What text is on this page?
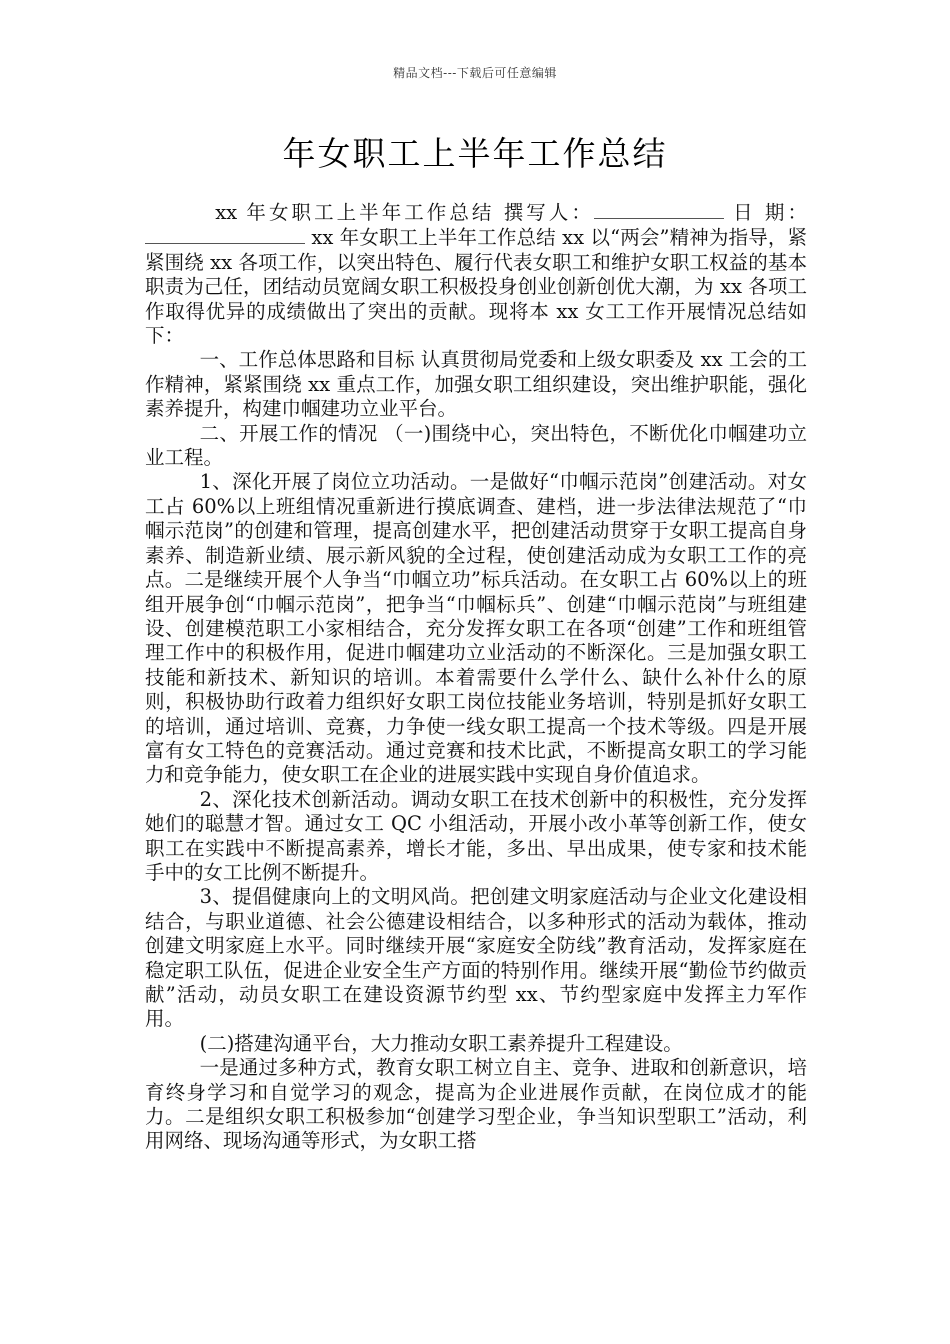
精品文档---下载后可任意编辑
年女职工上半年工作总结

xx 年女职工上半年工作总结 撰写人：	日 期： xx 年女职工上半年工作总结 xx 以“两会”精神为指导，紧紧围绕 xx 各项工作，以突出特色、履行代表女职工和维护女职工权益的基本职责为己任，团结动员宽阔女职工积极投身创业创新创优大潮，为 xx 各项工作取得优异的成绩做出了突出的贡献。现将本 xx 女工工作开展情况总结如下：

一、工作总体思路和目标 认真贯彻局党委和上级女职委及 xx 工会的工作精神，紧紧围绕 xx 重点工作，加强女职工组织建设，突出维护职能，强化素养提升，构建巾帼建功立业平台。

二、开展工作的情况 （一)围绕中心，突出特色，不断优化巾帼建功立业工程。

1、深化开展了岗位立功活动。一是做好“巾帼示范岗”创建活动。对女工占 60%以上班组情况重新进行摸底调查、建档，进一步法律法规范了“巾帼示范岗”的创建和管理，提高创建水平，把创建活动贯穿于女职工提高自身素养、制造新业绩、展示新风貌的全过程，使创建活动成为女职工工作的亮点。二是继续开展个人争当“巾帼立功”标兵活动。在女职工占 60%以上的班组开展争创“巾帼示范岗”，把争当“巾帼标兵”、创建“巾帼示范岗”与班组建设、创建模范职工小家相结合，充分发挥女职工在各项“创建”工作和班组管理工作中的积极作用，促进巾帼建功立业活动的不断深化。三是加强女职工技能和新技术、新知识的培训。本着需要什么学什么、缺什么补什么的原则，积极协助行政着力组织好女职工岗位技能业务培训，特别是抓好女职工的培训，通过培训、竞赛，力争使一线女职工提高一个技术等级。四是开展富有女工特色的竞赛活动。通过竞赛和技术比武，不断提高女职工的学习能力和竞争能力，使女职工在企业的进展实践中实现自身价值追求。

2、深化技术创新活动。调动女职工在技术创新中的积极性，充分发挥她们的聪慧才智。通过女工 QC 小组活动，开展小改小革等创新工作，使女职工在实践中不断提高素养，增长才能，多出、早出成果，使专家和技术能手中的女工比例不断提升。

3、提倡健康向上的文明风尚。把创建文明家庭活动与企业文化建设相结合，与职业道德、社会公德建设相结合，以多种形式的活动为载体，推动创建文明家庭上水平。同时继续开展“家庭安全防线”教育活动，发挥家庭在稳定职工队伍，促进企业安全生产方面的特别作用。继续开展“勤俭节约做贡献”活动，动员女职工在建设资源节约型 xx、节约型家庭中发挥主力军作用。

(二)搭建沟通平台，大力推动女职工素养提升工程建设。

一是通过多种方式，教育女职工树立自主、竞争、进取和创新意识，培育终身学习和自觉学习的观念，提高为企业进展作贡献，在岗位成才的能力。二是组织女职工积极参加“创建学习型企业，争当知识型职工”活动，利用网络、现场沟通等形式，为女职工搭
